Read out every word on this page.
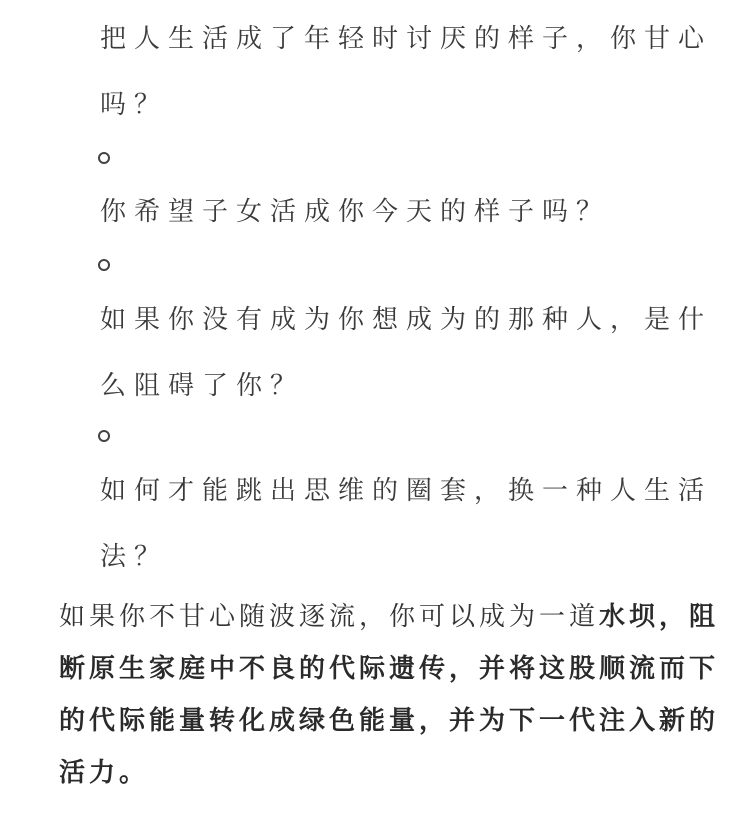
把人生活成了年轻时讨厌的样子，你甘心吗？
你希望子女活成你今天的样子吗？
如果你没有成为你想成为的那种人，是什么阻碍了你？
如何才能跳出思维的圈套，换一种人生活法？
如果你不甘心随波逐流，你可以成为一道水坝，阻断原生家庭中不良的代际遗传，并将这股顺流而下的代际能量转化成绿色能量，并为下一代注入新的活力。
